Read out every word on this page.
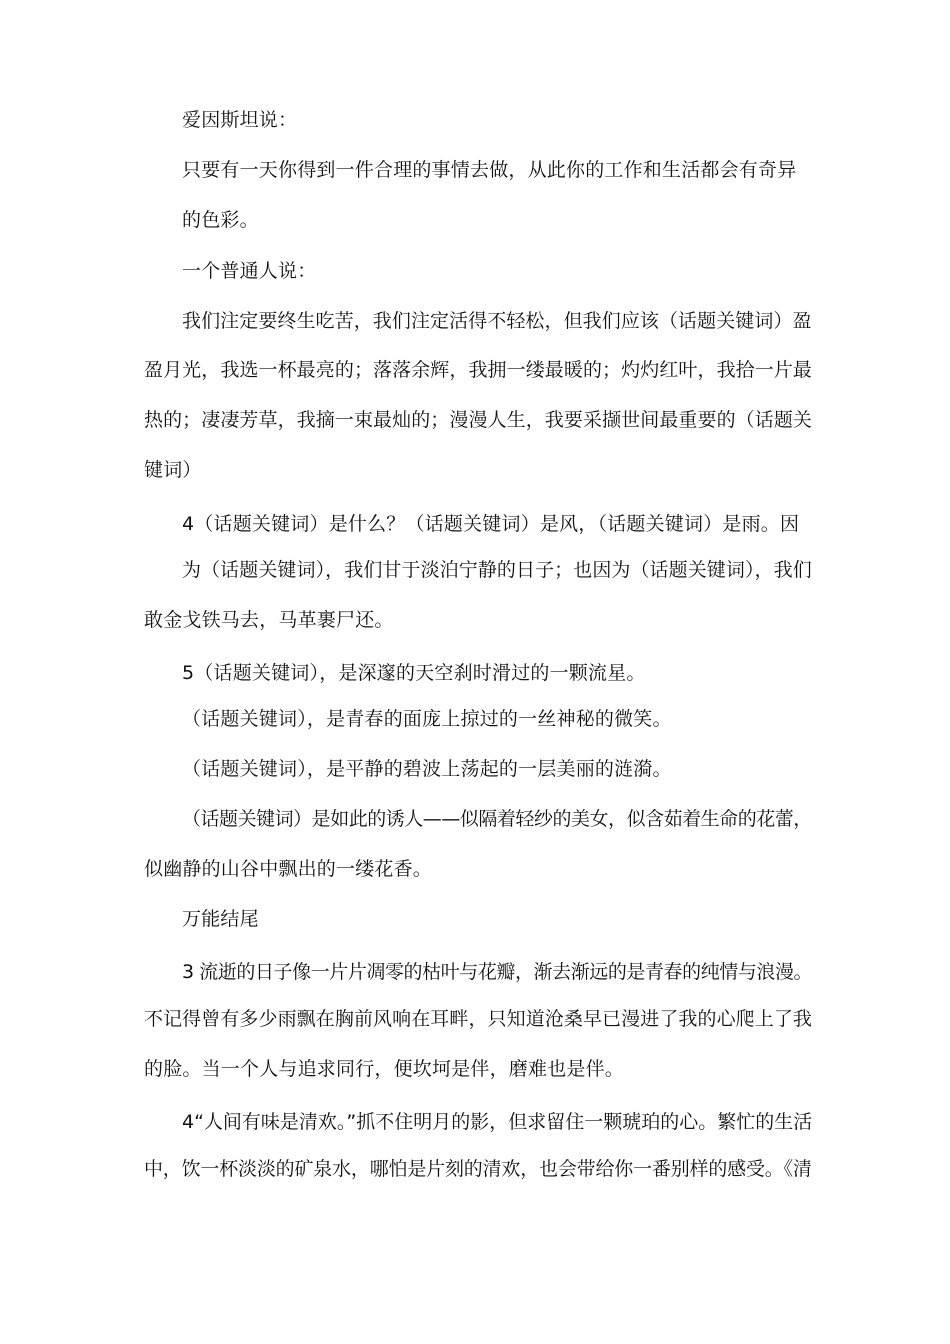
爱因斯坦说：
只要有一天你得到一件合理的事情去做，从此你的工作和生活都会有奇异
的色彩。
一个普通人说：
我们注定要终生吃苦，我们注定活得不轻松，但我们应该（话题关键词）盈
盈月光，我选一杯最亮的；落落余辉，我拥一缕最暖的；灼灼红叶，我拾一片最
热的；凄凄芳草，我摘一束最灿的；漫漫人生，我要采撷世间最重要的（话题关
键词）
4（话题关键词）是什么？（话题关键词）是风，（话题关键词）是雨。因
为（话题关键词），我们甘于淡泊宁静的日子；也因为（话题关键词），我们
敢金戈铁马去，马革裹尸还。
5（话题关键词），是深邃的天空刹时滑过的一颗流星。
（话题关键词），是青春的面庞上掠过的一丝神秘的微笑。
（话题关键词），是平静的碧波上荡起的一层美丽的涟漪。
（话题关键词）是如此的诱人——似隔着轻纱的美女，似含茹着生命的花蕾，
似幽静的山谷中飘出的一缕花香。
万能结尾
3 流逝的日子像一片片凋零的枯叶与花瓣，渐去渐远的是青春的纯情与浪漫。
不记得曾有多少雨飘在胸前风响在耳畔，只知道沧桑早已漫进了我的心爬上了我
的脸。当一个人与追求同行，便坎坷是伴，磨难也是伴。
4“人间有味是清欢。”抓不住明月的影，但求留住一颗琥珀的心。繁忙的生活
中，饮一杯淡淡的矿泉水，哪怕是片刻的清欢，也会带给你一番别样的感受。《清
